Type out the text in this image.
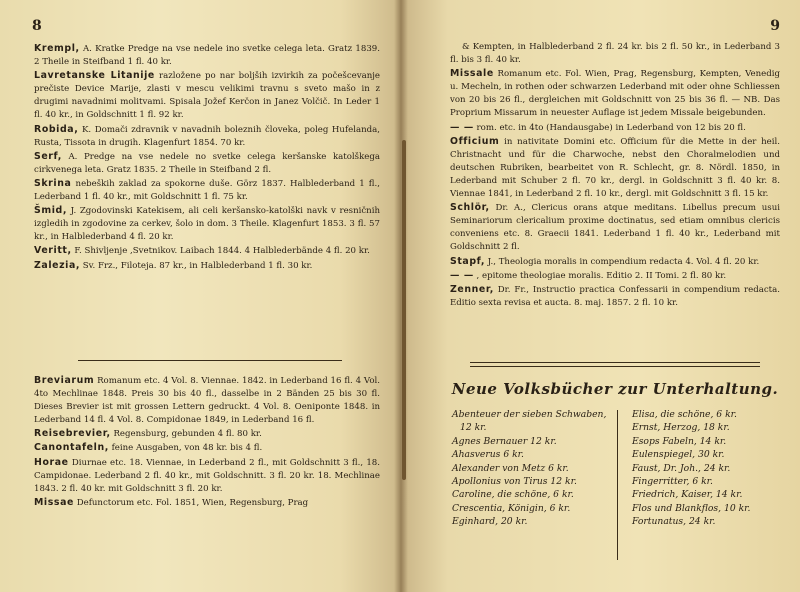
8

Krempl, A. Kratke Predge na vse nedele ino svetke celega leta. Gratz 1839. 2 Theile in Steifband 1 fl. 40 kr.

Lavretanske Litanije razložene po nar boljših izvirkih za počešcevanje prečiste Device Marije, zlasti v mescu velikimi travnu s sveto mašo in z drugimi navadnimi molitvami. Spisala Jožef Kerčon in Janez Volčič. In Leder 1 fl. 40 kr., in Goldschnitt 1 fl. 92 kr.

Robida, K. Domači zdravnik v navadnih boleznih človeka, poleg Hufelanda, Rusta, Tissota in drugih. Klagenfurt 1854. 70 kr.

Serf, A. Predge na vse nedele no svetke celega keršanske katolškega cirkvenega leta. Gratz 1835. 2 Theile in Steifband 2 fl.

Skrina nebeških zaklad za spokorne duše. Görz 1837. Halblederband 1 fl., Lederband 1 fl. 40 kr., mit Goldschnitt 1 fl. 75 kr.

Šmid, J. Zgodovinski Katekisem, ali celi keršansko-katolški navk v resničnih izgledih in zgodovine za cerkev, šolo in dom. 3 Theile. Klagenfurt 1853. 3 fl. 57 kr., in Halblederband 4 fl. 20 kr.

Veritt, F. Shivljenje ,Svetnikov. Laibach 1844. 4 Halblederbände 4 fl. 20 kr.

Zalezia, Sv. Frz., Filoteja. 87 kr., in Halblederband 1 fl. 30 kr.

Breviarum Romanum etc. 4 Vol. 8. Viennae. 1842. in Lederband 16 fl. 4 Vol. 4to Mechlinae 1848. Preis 30 bis 40 fl., dasselbe in 2 Bänden 25 bis 30 fl. Dieses Brevier ist mit grossen Lettern gedruckt. 4 Vol. 8. Oeniponte 1848. in Lederband 14 fl. 4 Vol. 8. Compidonae 1849, in Lederband 16 fl.

Reisebrevier, Regensburg, gebunden 4 fl. 80 kr.

Canontafeln, feine Ausgaben, von 48 kr. bis 4 fl.

Horae Diurnae etc. 18. Viennae, in Lederband 2 fl., mit Goldschnitt 3 fl., 18. Campidonae. Lederband 2 fl. 40 kr., mit Goldschnitt. 3 fl. 20 kr. 18. Mechlinae 1843. 2 fl. 40 kr. mit Goldschnitt 3 fl. 20 kr.

Missae Defunctorum etc. Fol. 1851, Wien, Regensburg, Prag

9

& Kempten, in Halblederband 2 fl. 24 kr. bis 2 fl. 50 kr., in Lederband 3 fl. bis 3 fl. 40 kr.

Missale Romanum etc. Fol. Wien, Prag, Regensburg, Kempten, Venedig u. Mecheln, in rothen oder schwarzen Lederband mit oder ohne Schliessen von 20 bis 26 fl., dergleichen mit Goldschnitt von 25 bis 36 fl. — NB. Das Proprium Missarum in neuester Auflage ist jedem Missale beigebunden.

— — rom. etc. in 4to (Handausgabe) in Lederband von 12 bis 20 fl.

Officium in nativitate Domini etc. Officium für die Mette in der heil. Christnacht und für die Charwoche, nebst den Choralmelodien und deutschen Rubriken, bearbeitet von R. Schlecht, gr. 8. Nördl. 1850, in Lederband mit Schuber 2 fl. 70 kr., dergl. in Goldschnitt 3 fl. 40 kr. 8. Viennae 1841, in Lederband 2 fl. 10 kr., dergl. mit Goldschnitt 3 fl. 15 kr.

Schlör, Dr. A., Clericus orans atque meditans. Libellus precum usui Seminariorum clericalium proxime doctinatus, sed etiam omnibus clericis conveniens etc. 8. Graecii 1841. Lederband 1 fl. 40 kr., Lederband mit Goldschnitt 2 fl.

Stapf, J., Theologia moralis in compendium redacta 4. Vol. 4 fl. 20 kr.

— — , epitome theologiae moralis. Editio 2. II Tomi. 2 fl. 80 kr.

Zenner, Dr. Fr., Instructio practica Confessarii in compendium redacta. Editio sexta revisa et aucta. 8. maj. 1857. 2 fl. 10 kr.

Neue Volksbücher zur Unterhaltung.
Abenteuer der sieben Schwaben,
12 kr.
Agnes Bernauer 12 kr.
Ahasverus 6 kr.
Alexander von Metz 6 kr.
Apollonius von Tirus 12 kr.
Caroline, die schöne, 6 kr.
Crescentia, Königin, 6 kr.
Eginhard, 20 kr.
Elisa, die schöne, 6 kr.
Ernst, Herzog, 18 kr.
Esops Fabeln, 14 kr.
Eulenspiegel, 30 kr.
Faust, Dr. Joh., 24 kr.
Fingerritter, 6 kr.
Friedrich, Kaiser, 14 kr.
Flos und Blankflos, 10 kr.
Fortunatus, 24 kr.
